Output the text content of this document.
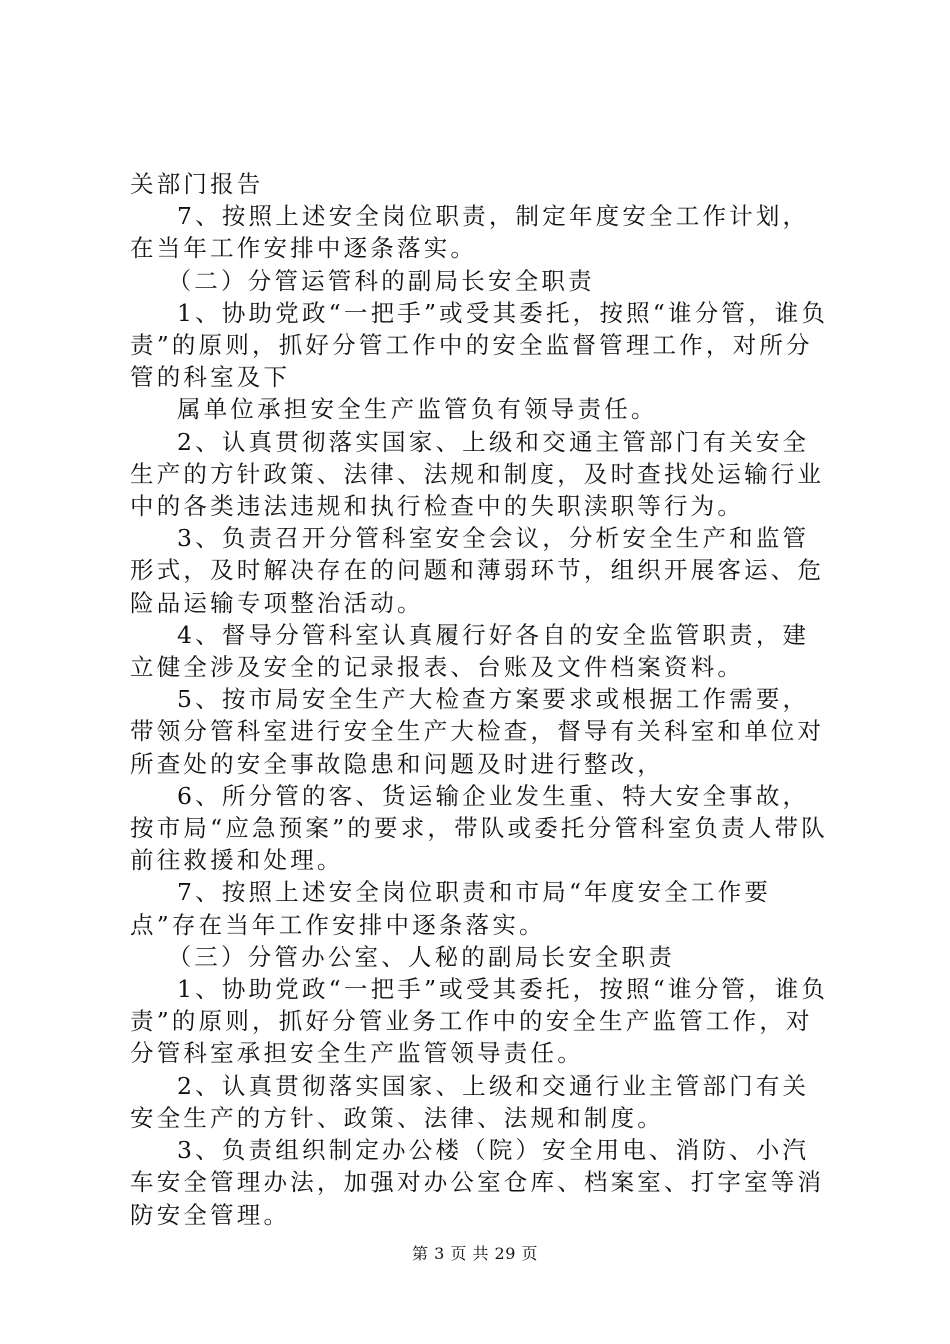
关部门报告

7、按照上述安全岗位职责，制定年度安全工作计划，在当年工作安排中逐条落实。

（二）分管运管科的副局长安全职责

1、协助党政“一把手”或受其委托，按照“谁分管，谁负责”的原则，抓好分管工作中的安全监督管理工作，对所分管的科室及下

属单位承担安全生产监管负有领导责任。

2、认真贯彻落实国家、上级和交通主管部门有关安全生产的方针政策、法律、法规和制度，及时查找处运输行业中的各类违法违规和执行检查中的失职渎职等行为。

3、负责召开分管科室安全会议，分析安全生产和监管形式，及时解决存在的问题和薄弱环节，组织开展客运、危险品运输专项整治活动。

4、督导分管科室认真履行好各自的安全监管职责，建立健全涉及安全的记录报表、台账及文件档案资料。

5、按市局安全生产大检查方案要求或根据工作需要，带领分管科室进行安全生产大检查，督导有关科室和单位对所查处的安全事故隐患和问题及时进行整改，

6、所分管的客、货运输企业发生重、特大安全事故，按市局“应急预案”的要求，带队或委托分管科室负责人带队前往救援和处理。

7、按照上述安全岗位职责和市局“年度安全工作要点”存在当年工作安排中逐条落实。

（三）分管办公室、人秘的副局长安全职责

1、协助党政“一把手”或受其委托，按照“谁分管，谁负责”的原则，抓好分管业务工作中的安全生产监管工作，对分管科室承担安全生产监管领导责任。

2、认真贯彻落实国家、上级和交通行业主管部门有关安全生产的方针、政策、法律、法规和制度。

3、负责组织制定办公楼（院）安全用电、消防、小汽车安全管理办法，加强对办公室仓库、档案室、打字室等消防安全管理。

第 3 页 共 29 页
